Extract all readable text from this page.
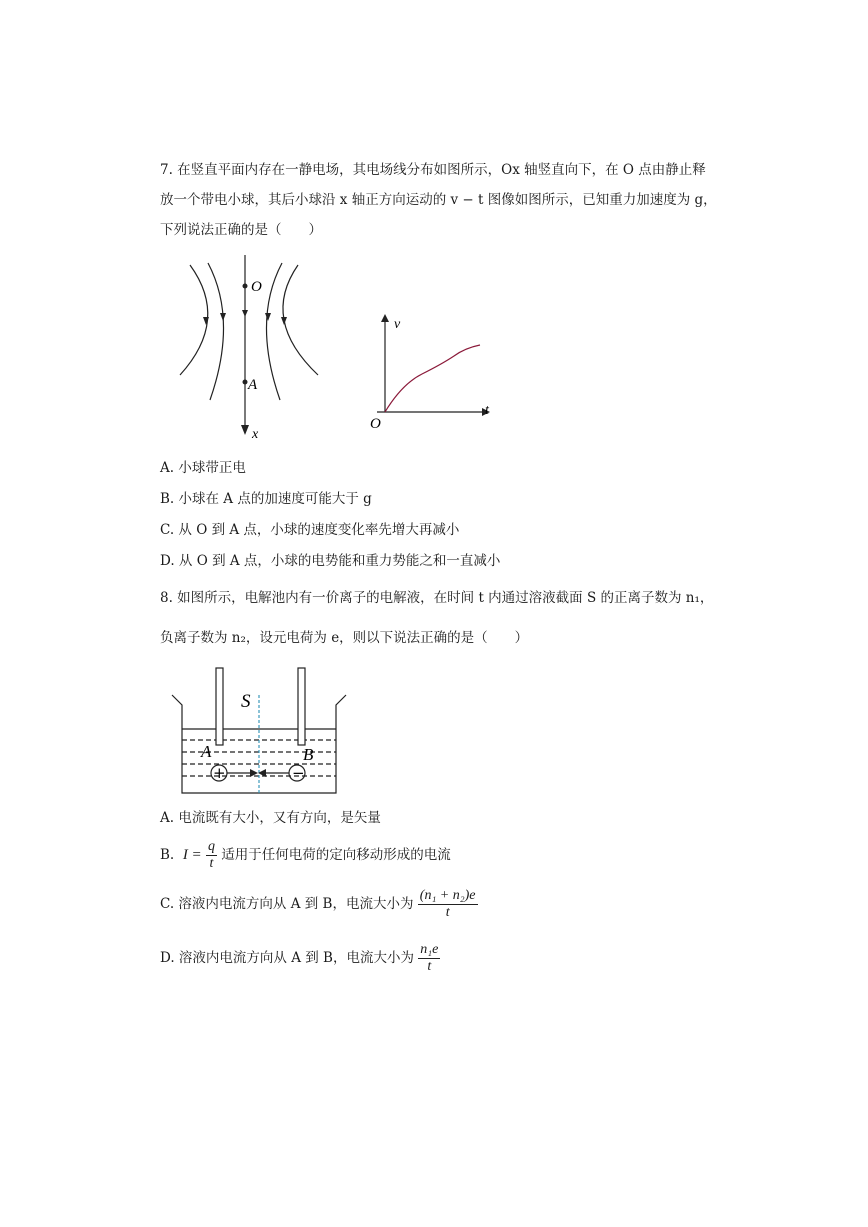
7. 在竖直平面内存在一静电场，其电场线分布如图所示，Ox 轴竖直向下，在 O 点由静止释
放一个带电小球，其后小球沿 x 轴正方向运动的 v − t 图像如图所示，已知重力加速度为 g，
下列说法正确的是（　　）
O
A
x
v
t
O
A. 小球带正电
B. 小球在 A 点的加速度可能大于 g
C. 从 O 到 A 点，小球的速度变化率先增大再减小
D. 从 O 到 A 点，小球的电势能和重力势能之和一直减小
8. 如图所示，电解池内有一价离子的电解液，在时间 t 内通过溶液截面 S 的正离子数为 n₁，
负离子数为 n₂，设元电荷为 e，则以下说法正确的是（　　）
+	−
S
A	B
A. 电流既有大小，又有方向，是矢量
B. $I = \frac{q}{t}$ 适用于任何电荷的定向移动形成的电流
C. 溶液内电流方向从 A 到 B，电流大小为 $\frac{\text{(n₁ + n₂)e}}{t}$
D. 溶液内电流方向从 A 到 B，电流大小为 $\frac{\text{n₁e}}{t}$
